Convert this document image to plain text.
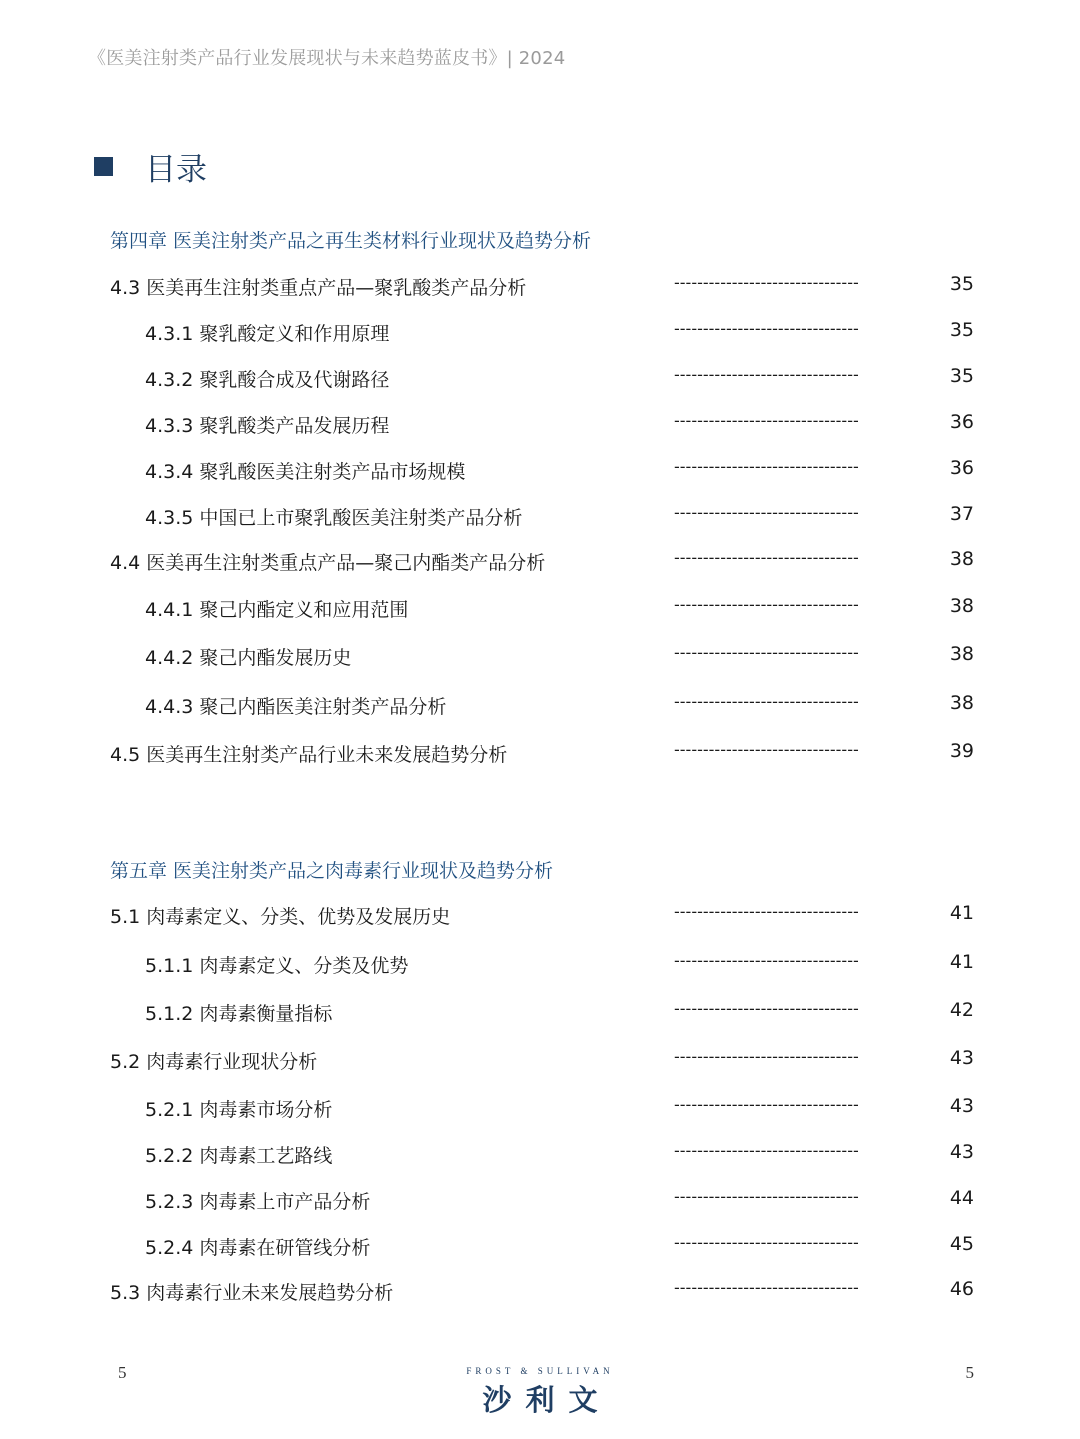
《医美注射类产品行业发展现状与未来趋势蓝皮书》| 2024
目录
第四章 医美注射类产品之再生类材料行业现状及趋势分析
4.3 医美再生注射类重点产品—聚乳酸类产品分析	--------------------------------	35
4.3.1 聚乳酸定义和作用原理	--------------------------------	35
4.3.2 聚乳酸合成及代谢路径	--------------------------------	35
4.3.3 聚乳酸类产品发展历程	--------------------------------	36
4.3.4 聚乳酸医美注射类产品市场规模	--------------------------------	36
4.3.5 中国已上市聚乳酸医美注射类产品分析	--------------------------------	37
4.4 医美再生注射类重点产品—聚己内酯类产品分析	--------------------------------	38
4.4.1 聚己内酯定义和应用范围	--------------------------------	38
4.4.2 聚己内酯发展历史	--------------------------------	38
4.4.3 聚己内酯医美注射类产品分析	--------------------------------	38
4.5 医美再生注射类产品行业未来发展趋势分析	--------------------------------	39
第五章 医美注射类产品之肉毒素行业现状及趋势分析
5.1 肉毒素定义、分类、优势及发展历史	--------------------------------	41
5.1.1 肉毒素定义、分类及优势	--------------------------------	41
5.1.2 肉毒素衡量指标	--------------------------------	42
5.2 肉毒素行业现状分析	--------------------------------	43
5.2.1 肉毒素市场分析	--------------------------------	43
5.2.2 肉毒素工艺路线	--------------------------------	43
5.2.3 肉毒素上市产品分析	--------------------------------	44
5.2.4 肉毒素在研管线分析	--------------------------------	45
5.3 肉毒素行业未来发展趋势分析	--------------------------------	46
5	5
FROST & SULLIVAN
沙利文
